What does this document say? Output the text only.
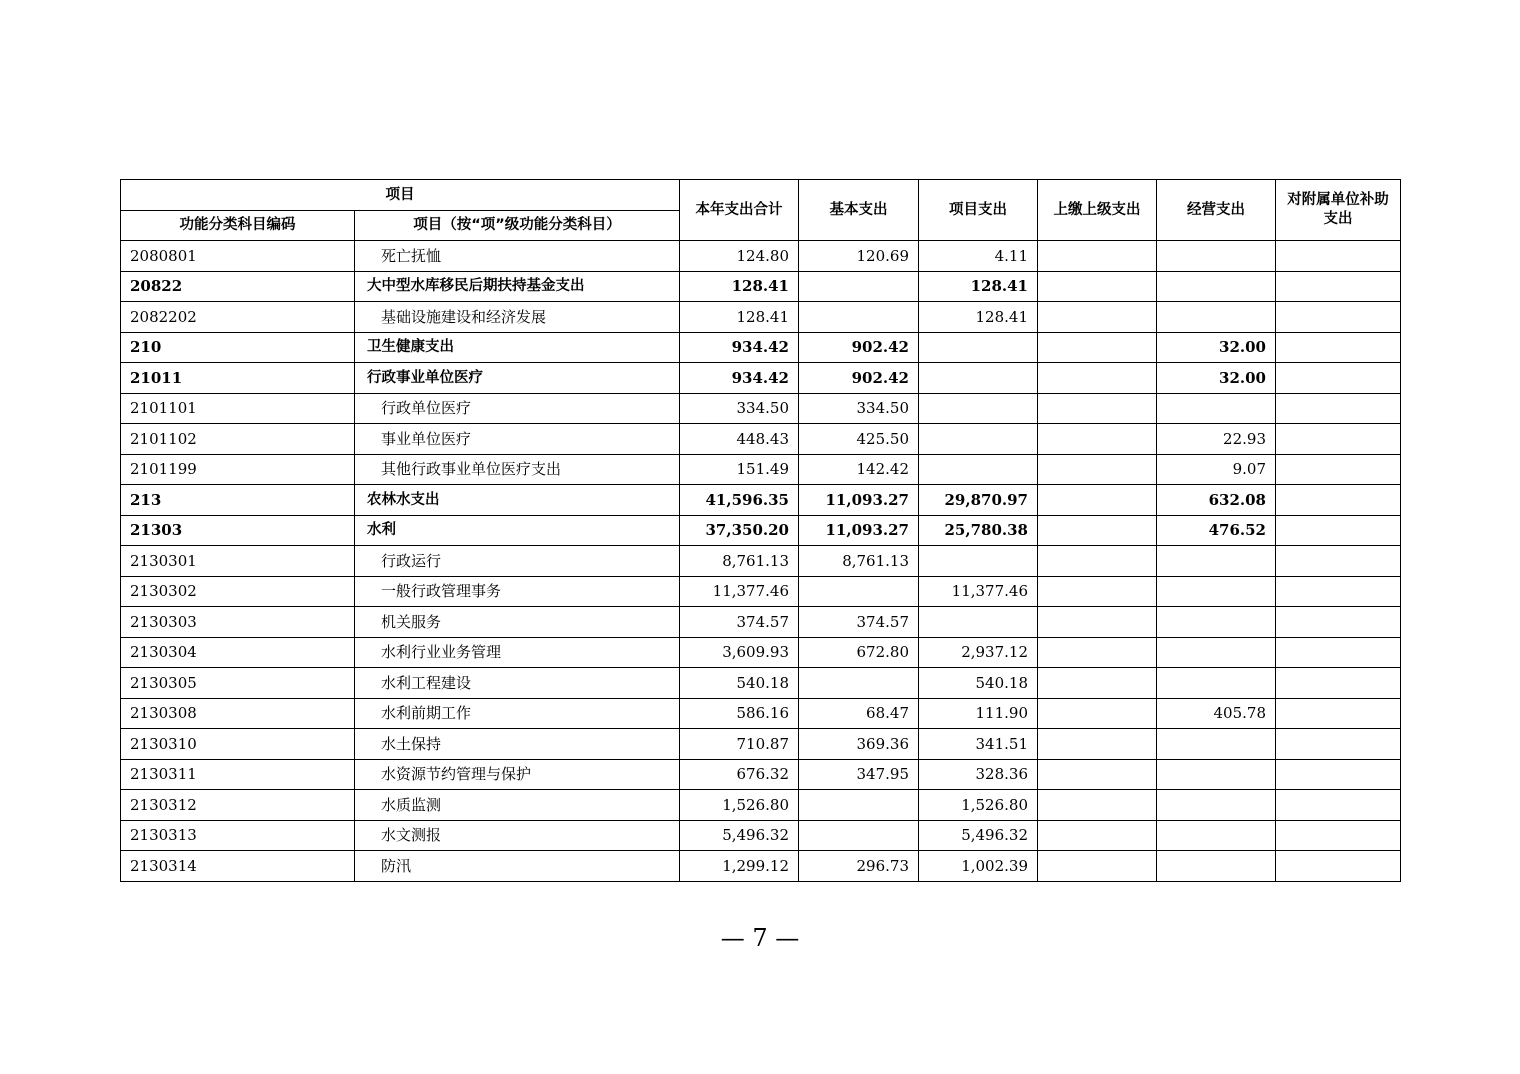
项目		本年支出合计	基本支出	项目支出	上缴上级支出	经营支出	对附属单位补助支出
功能分类科目编码	项目（按“项”级功能分类科目）						
2080801	死亡抚恤	124.80	120.69	4.11			
20822	大中型水库移民后期扶持基金支出	128.41		128.41			
2082202	基础设施建设和经济发展	128.41		128.41			
210	卫生健康支出	934.42	902.42			32.00	
21011	行政事业单位医疗	934.42	902.42			32.00	
2101101	行政单位医疗	334.50	334.50				
2101102	事业单位医疗	448.43	425.50			22.93	
2101199	其他行政事业单位医疗支出	151.49	142.42			9.07	
213	农林水支出	41,596.35	11,093.27	29,870.97		632.08	
21303	水利	37,350.20	11,093.27	25,780.38		476.52	
2130301	行政运行	8,761.13	8,761.13				
2130302	一般行政管理事务	11,377.46		11,377.46			
2130303	机关服务	374.57	374.57				
2130304	水利行业业务管理	3,609.93	672.80	2,937.12			
2130305	水利工程建设	540.18		540.18			
2130308	水利前期工作	586.16	68.47	111.90		405.78	
2130310	水土保持	710.87	369.36	341.51			
2130311	水资源节约管理与保护	676.32	347.95	328.36			
2130312	水质监测	1,526.80		1,526.80			
2130313	水文测报	5,496.32		5,496.32			
2130314	防汛	1,299.12	296.73	1,002.39			
— 7 —
